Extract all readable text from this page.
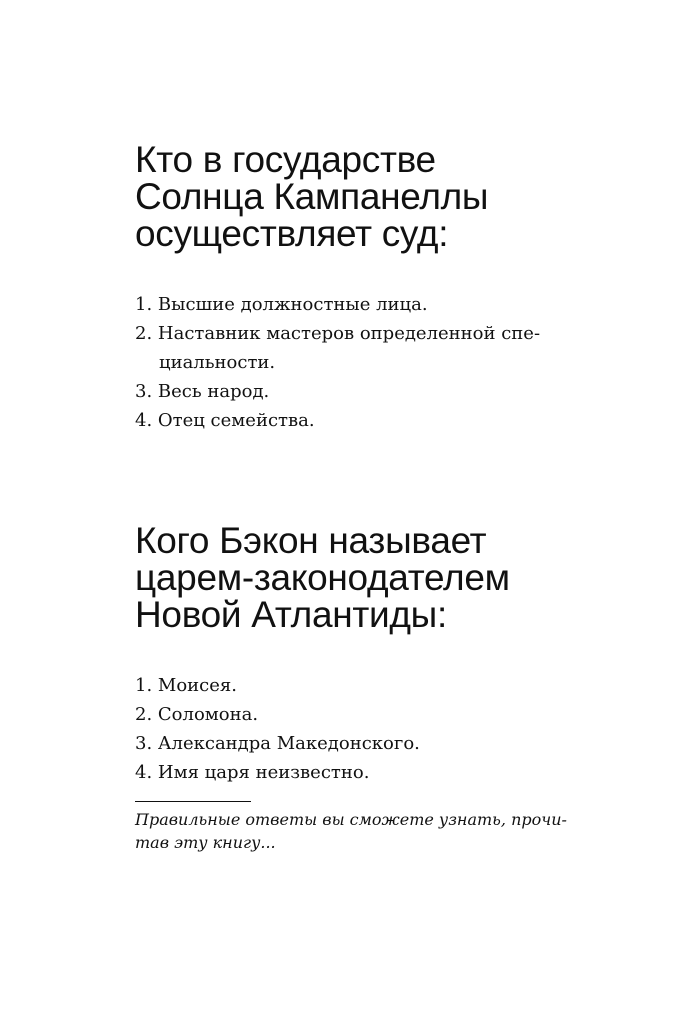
Кто в государстве
Солнца Кампанеллы
осуществляет суд:
1. Высшие должностные лица.
2. Наставник мастеров определенной спе-
циальности.
3. Весь народ.
4. Отец семейства.
Кого Бэкон называет
царем-законодателем
Новой Атлантиды:
1. Моисея.
2. Соломона.
3. Александра Македонского.
4. Имя царя неизвестно.

Правильные ответы вы сможете узнать, прочи-
тав эту книгу...
